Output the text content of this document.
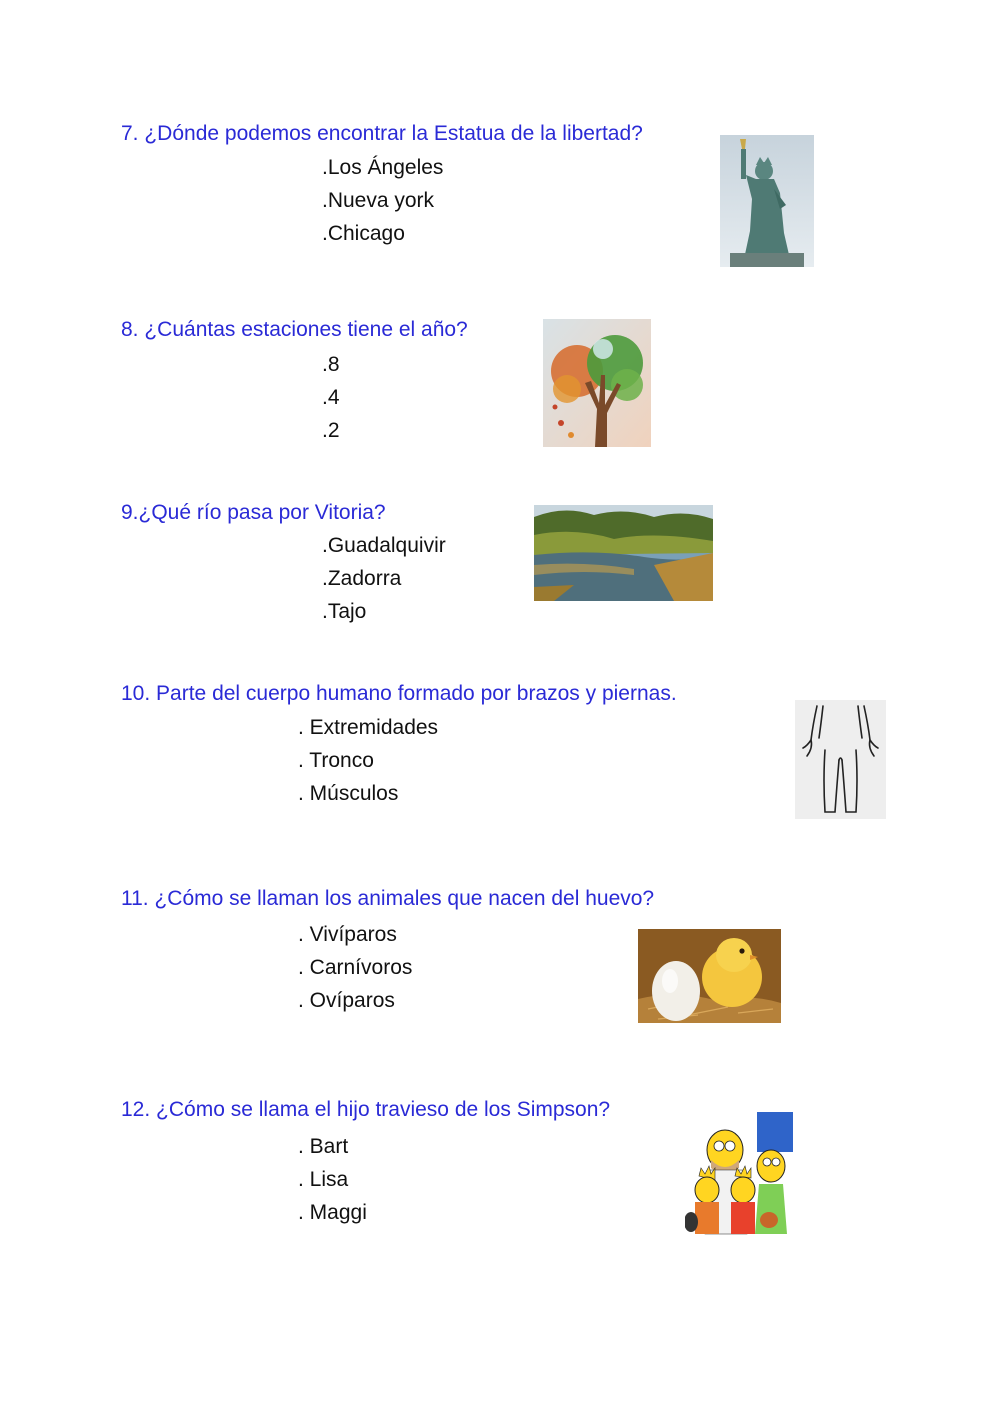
7. ¿Dónde podemos encontrar la Estatua de la libertad?
.Los Ángeles
.Nueva york
.Chicago
8. ¿Cuántas estaciones tiene el año?
.8
.4
.2
9.¿Qué río pasa por Vitoria?
.Guadalquivir
.Zadorra
.Tajo
10. Parte del cuerpo humano formado por brazos y piernas.
. Extremidades
. Tronco
. Músculos
11. ¿Cómo se llaman los animales que nacen del huevo?
. Vivíparos
. Carnívoros
. Ovíparos
12. ¿Cómo se llama el hijo travieso de los Simpson?
. Bart
. Lisa
. Maggi
